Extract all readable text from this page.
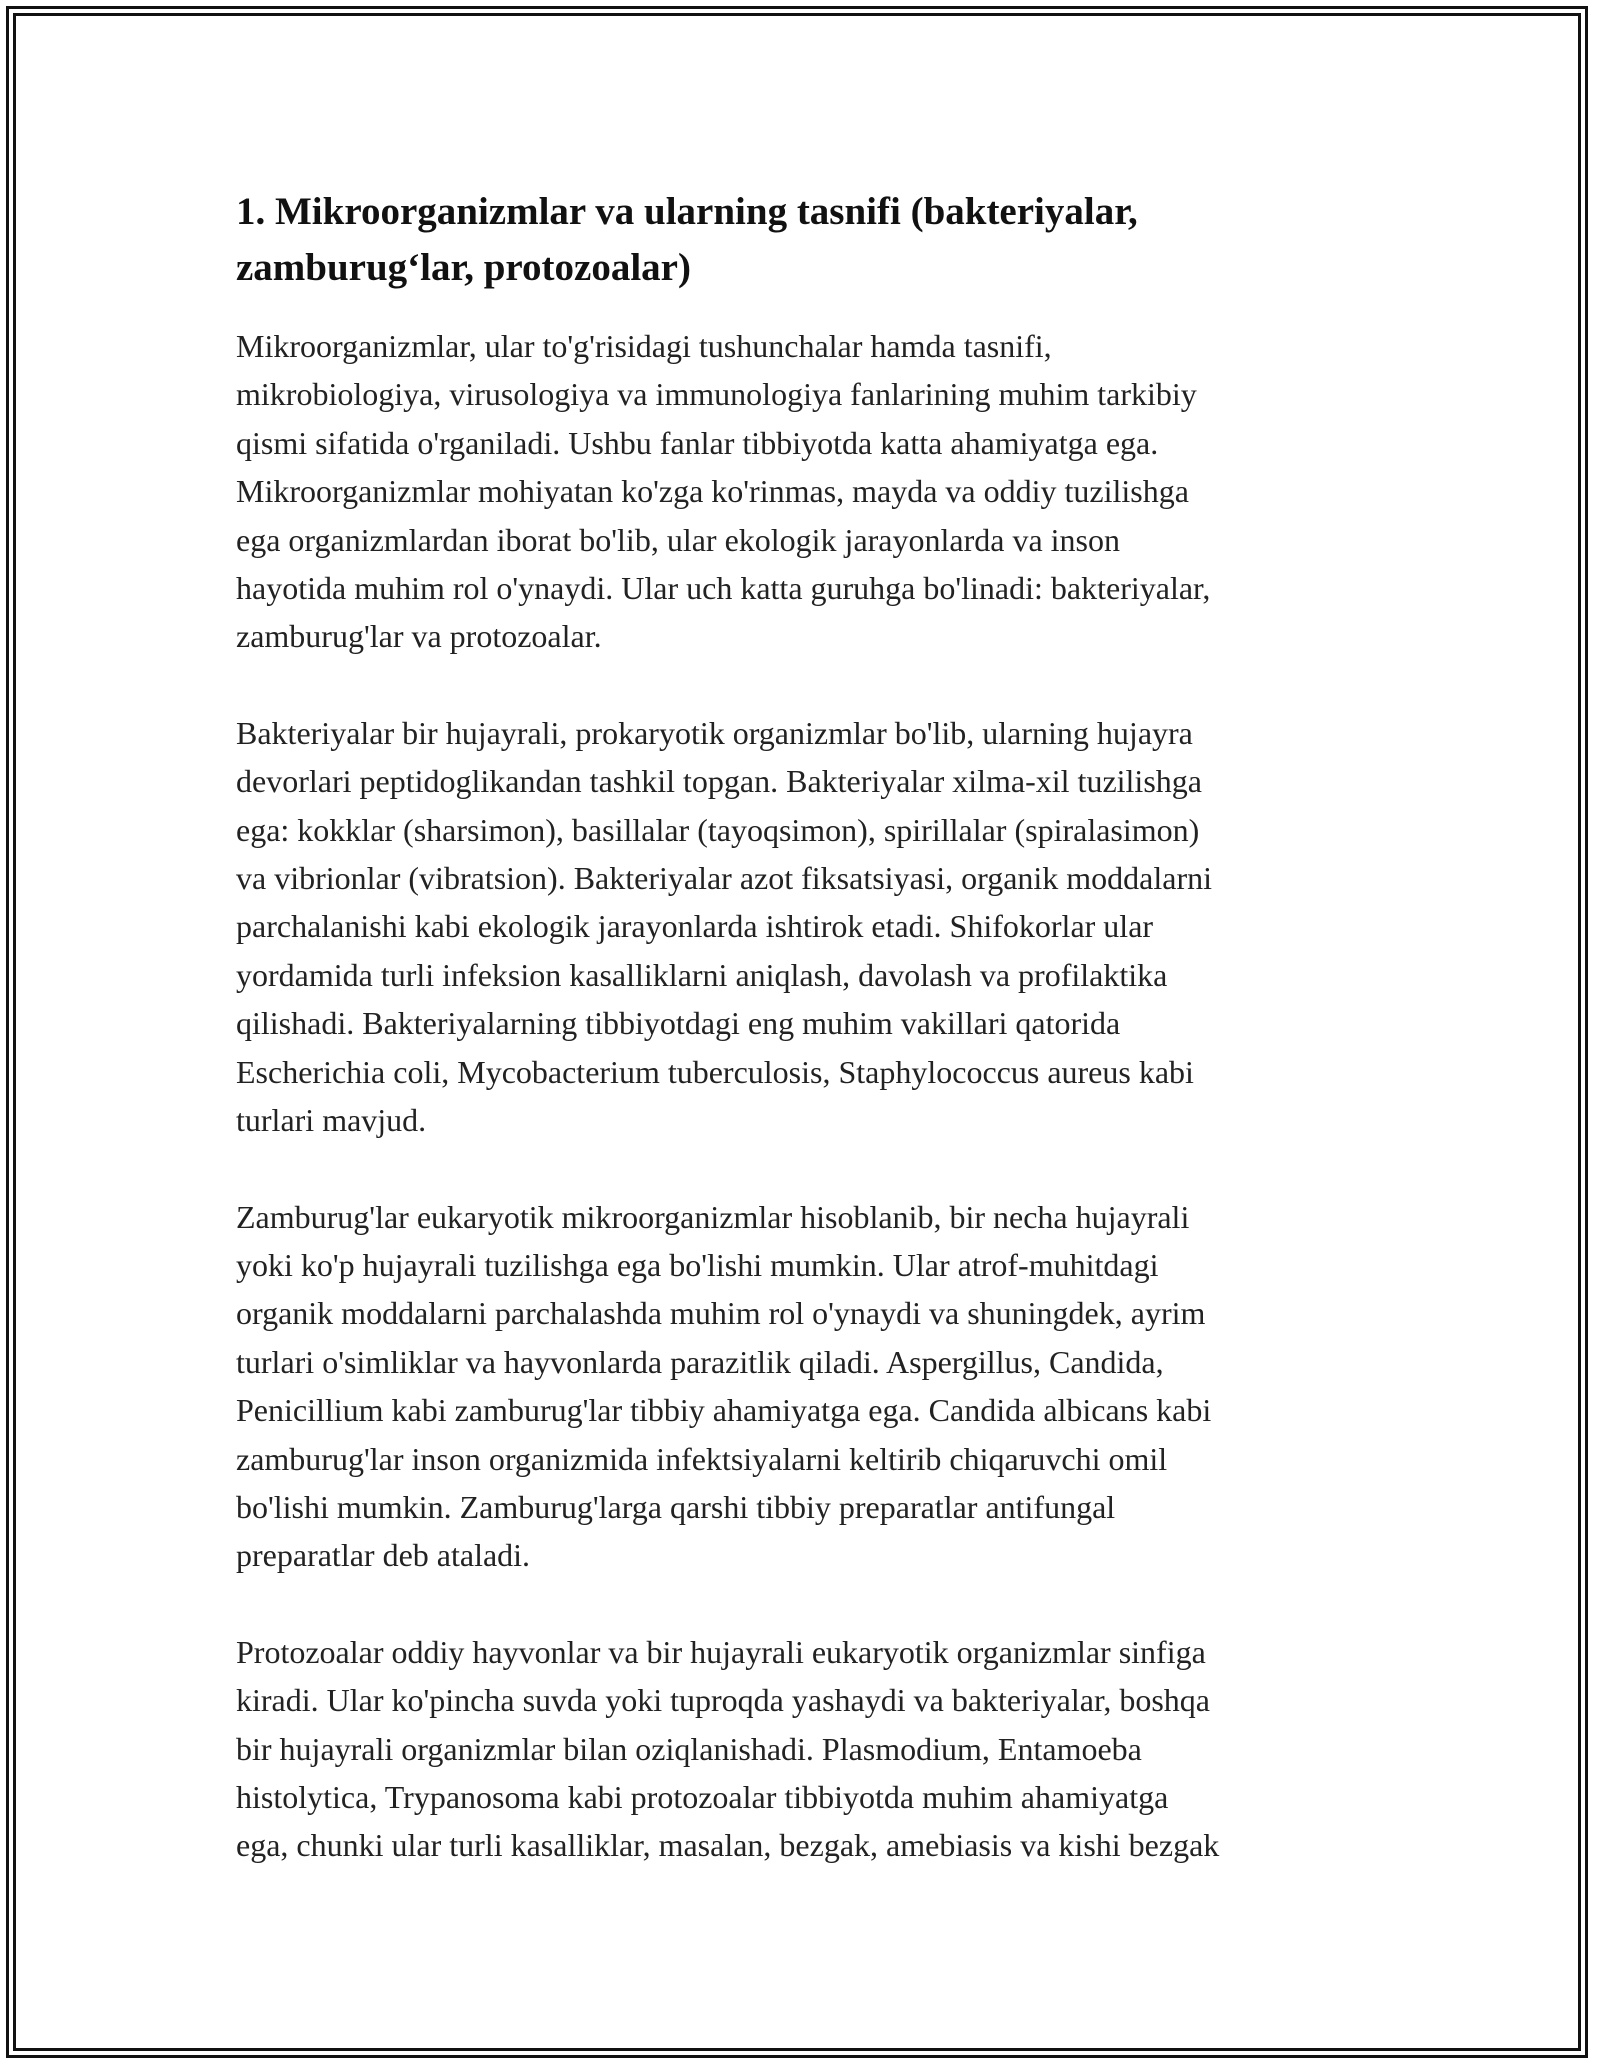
1. Mikroorganizmlar va ularning tasnifi (bakteriyalar, zamburug‘lar, protozoalar)

Mikroorganizmlar, ular to'g'risidagi tushunchalar hamda tasnifi,
mikrobiologiya, virusologiya va immunologiya fanlarining muhim tarkibiy
qismi sifatida o'rganiladi. Ushbu fanlar tibbiyotda katta ahamiyatga ega.
Mikroorganizmlar mohiyatan ko'zga ko'rinmas, mayda va oddiy tuzilishga
ega organizmlardan iborat bo'lib, ular ekologik jarayonlarda va inson
hayotida muhim rol o'ynaydi. Ular uch katta guruhga bo'linadi: bakteriyalar,
zamburug'lar va protozoalar.

Bakteriyalar bir hujayrali, prokaryotik organizmlar bo'lib, ularning hujayra
devorlari peptidoglikandan tashkil topgan. Bakteriyalar xilma-xil tuzilishga
ega: kokklar (sharsimon), basillalar (tayoqsimon), spirillalar (spiralasimon)
va vibrionlar (vibratsion). Bakteriyalar azot fiksatsiyasi, organik moddalarni
parchalanishi kabi ekologik jarayonlarda ishtirok etadi. Shifokorlar ular
yordamida turli infeksion kasalliklarni aniqlash, davolash va profilaktika
qilishadi. Bakteriyalarning tibbiyotdagi eng muhim vakillari qatorida
Escherichia coli, Mycobacterium tuberculosis, Staphylococcus aureus kabi
turlari mavjud.

Zamburug'lar eukaryotik mikroorganizmlar hisoblanib, bir necha hujayrali
yoki ko'p hujayrali tuzilishga ega bo'lishi mumkin. Ular atrof-muhitdagi
organik moddalarni parchalashda muhim rol o'ynaydi va shuningdek, ayrim
turlari o'simliklar va hayvonlarda parazitlik qiladi. Aspergillus, Candida,
Penicillium kabi zamburug'lar tibbiy ahamiyatga ega. Candida albicans kabi
zamburug'lar inson organizmida infektsiyalarni keltirib chiqaruvchi omil
bo'lishi mumkin. Zamburug'larga qarshi tibbiy preparatlar antifungal
preparatlar deb ataladi.

Protozoalar oddiy hayvonlar va bir hujayrali eukaryotik organizmlar sinfiga
kiradi. Ular ko'pincha suvda yoki tuproqda yashaydi va bakteriyalar, boshqa
bir hujayrali organizmlar bilan oziqlanishadi. Plasmodium, Entamoeba
histolytica, Trypanosoma kabi protozoalar tibbiyotda muhim ahamiyatga
ega, chunki ular turli kasalliklar, masalan, bezgak, amebiasis va kishi bezgak
